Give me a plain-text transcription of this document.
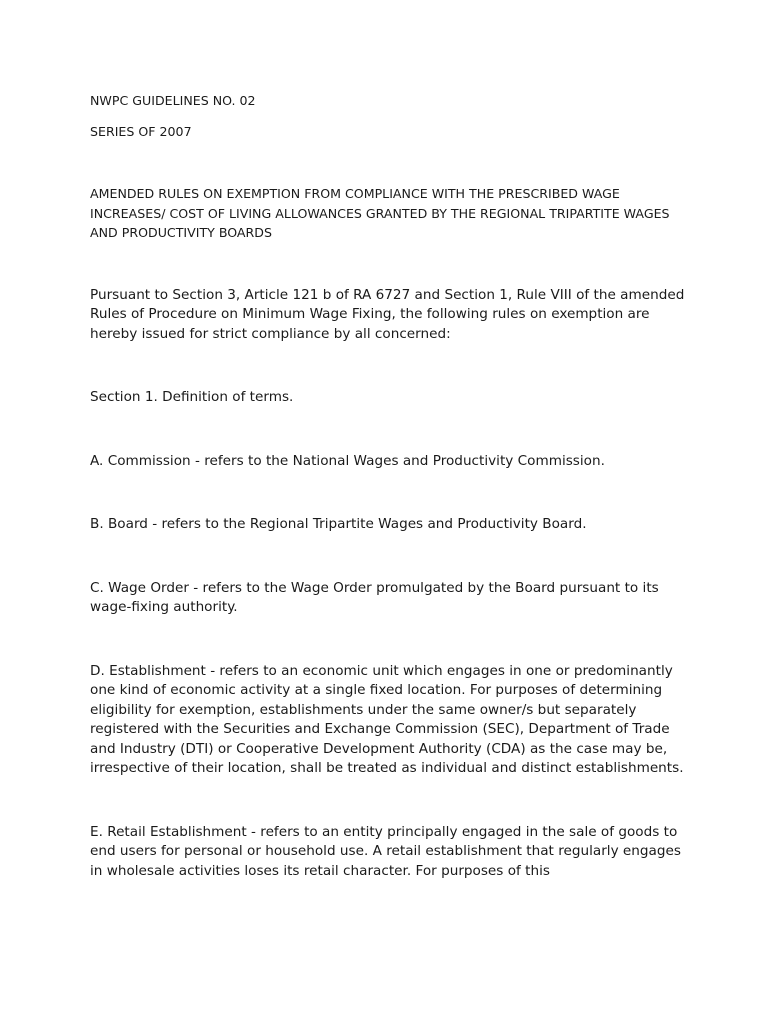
NWPC GUIDELINES NO. 02

SERIES OF 2007

AMENDED RULES ON EXEMPTION FROM COMPLIANCE WITH THE PRESCRIBED WAGE INCREASES/ COST OF LIVING ALLOWANCES GRANTED BY THE REGIONAL TRIPARTITE WAGES AND PRODUCTIVITY BOARDS

Pursuant to Section 3, Article 121 b of RA 6727 and Section 1, Rule VIII of the amended Rules of Procedure on Minimum Wage Fixing, the following rules on exemption are hereby issued for strict compliance by all concerned:

Section 1. Definition of terms.

A. Commission - refers to the National Wages and Productivity Commission.

B. Board - refers to the Regional Tripartite Wages and Productivity Board.

C. Wage Order - refers to the Wage Order promulgated by the Board pursuant to its wage-fixing authority.

D. Establishment - refers to an economic unit which engages in one or predominantly one kind of economic activity at a single fixed location. For purposes of determining eligibility for exemption, establishments under the same owner/s but separately registered with the Securities and Exchange Commission (SEC), Department of Trade and Industry (DTI) or Cooperative Development Authority (CDA) as the case may be, irrespective of their location, shall be treated as individual and distinct establishments.

E. Retail Establishment - refers to an entity principally engaged in the sale of goods to end users for personal or household use. A retail establishment that regularly engages in wholesale activities loses its retail character. For purposes of this
